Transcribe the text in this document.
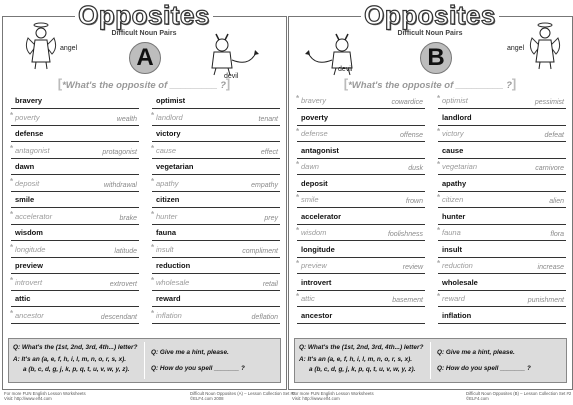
Opposites
Difficult Noun Pairs
A
angel
devil
[*What's the opposite of _________ ?]
bravery
* poverty	wealth
defense
* antagonist	protagonist
dawn
* deposit	withdrawal
smile
* accelerator	brake
wisdom
* longitude	latitude
preview
* introvert	extrovert
attic
* ancestor	descendant
optimist
* landlord	tenant
victory
* cause	effect
vegetarian
* apathy	empathy
citizen
* hunter	prey
fauna
* insult	compliment
reduction
* wholesale	retail
reward
* inflation	deflation
Q: What's the (1st, 2nd, 3rd, 4th...) letter?
A: It's an (a, e, f, h, i, l, m, n, o, r, s, x).
a (b, c, d, g, j, k, p, q, t, u, v, w, y, z).
Q: Give me a hint, please.
Q: How do you spell _______ ?
Opposites
Difficult Noun Pairs
B
devil
angel
[*What's the opposite of _________ ?]
* bravery	cowardice
poverty
* defense	offense
antagonist
* dawn	dusk
deposit
* smile	frown
accelerator
* wisdom	foolishness
longitude
* preview	review
introvert
* attic	basement
ancestor
* optimist	pessimist
landlord
* victory	defeat
cause
* vegetarian	carnivore
apathy
* citizen	alien
hunter
* fauna	flora
insult
* reduction	increase
wholesale
* reward	punishment
inflation
Q: What's the (1st, 2nd, 3rd, 4th...) letter?
A: It's an (a, e, f, h, i, l, m, n, o, r, s, x).
a (b, c, d, g, j, k, p, q, t, u, v, w, y, z).
Q: Give me a hint, please.
Q: How do you spell _______ ?
For more FUN English Lesson Worksheets
Visit: http://www.elf4.com
Difficult Noun Opposites (A) – Lesson Collection Set #2
©ELF4.com 2008
For more FUN English Lesson Worksheets
Visit: http://www.elf4.com
Difficult Noun Opposites (B) – Lesson Collection Set #2
©ELF4.com
